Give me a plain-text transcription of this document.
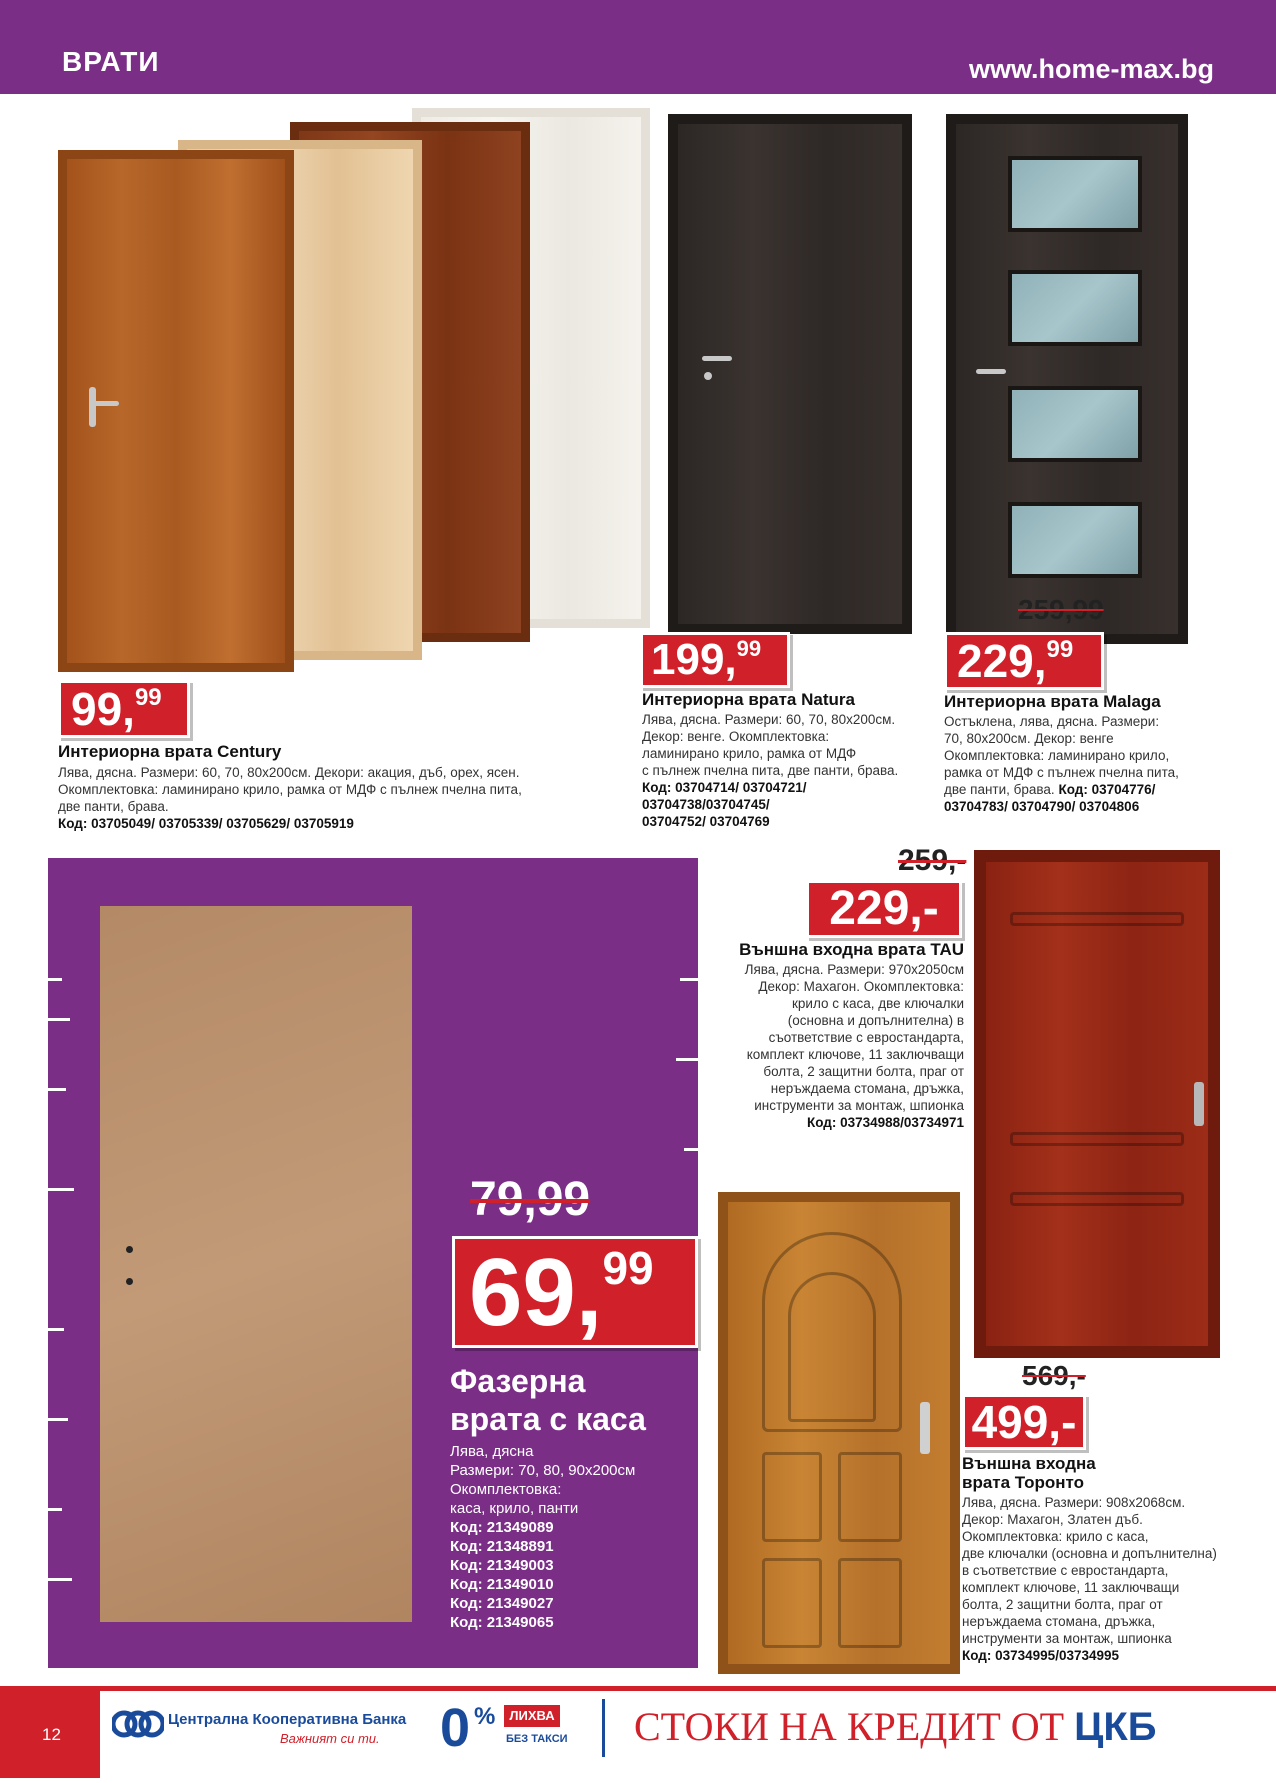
ВРАТИ	www.home-max.bg
99,99
Интериорна врата Century
Лява, дясна. Размери: 60, 70, 80x200см. Декори: акация, дъб, орех, ясен.
Окомплектовка: ламинирано крило, рамка от МДФ с пълнеж пчелна пита,
две панти, брава.
Код: 03705049/ 03705339/ 03705629/ 03705919
199,99
Интериорна врата Natura
Лява, дясна. Размери: 60, 70, 80x200см.
Декор: венге. Окомплектовка:
ламинирано крило, рамка от МДФ
с пълнеж пчелна пита, две панти, брава.
Код: 03704714/ 03704721/
03704738/03704745/
03704752/ 03704769
259,99
229,99
Интериорна врата Malaga
Остъклена, лява, дясна. Размери:
70, 80x200см. Декор: венге
Окомплектовка: ламинирано крило,
рамка от МДФ с пълнеж пчелна пита,
две панти, брава. Код: 03704776/
03704783/ 03704790/ 03704806
79,99
69,99
Фазерна
врата с каса
Лява, дясна
Размери: 70, 80, 90x200см
Окомплектовка:
каса, крило, панти
Код: 21349089
Код: 21348891
Код: 21349003
Код: 21349010
Код: 21349027
Код: 21349065
259,-
229,-
Външна входна врата TAU
Лява, дясна. Размери: 970x2050см
Декор: Махагон. Окомплектовка:
крило с каса, две ключалки
(основна и допълнителна) в
съответствие с евростандарта,
комплект ключове, 11 заключващи
болта, 2 защитни болта, праг от
неръждаема стомана, дръжка,
инструменти за монтаж, шпионка
Код: 03734988/03734971
569,-
499,-
Външна входна
врата Торонто
Лява, дясна. Размери: 908x2068см.
Декор: Махагон, Златен дъб.
Окомплектовка: крило с каса,
две ключалки (основна и допълнителна)
в съответствие с евростандарта,
комплект ключове, 11 заключващи
болта, 2 защитни болта, праг от
неръждаема стомана, дръжка,
инструменти за монтаж, шпионка
Код: 03734995/03734995
12
Централна Кооперативна Банка
Важният си ти. 0 %	ЛИХВА
БЕЗ ТАКСИ СТОКИ НА КРЕДИТ ОТ ЦКБ
